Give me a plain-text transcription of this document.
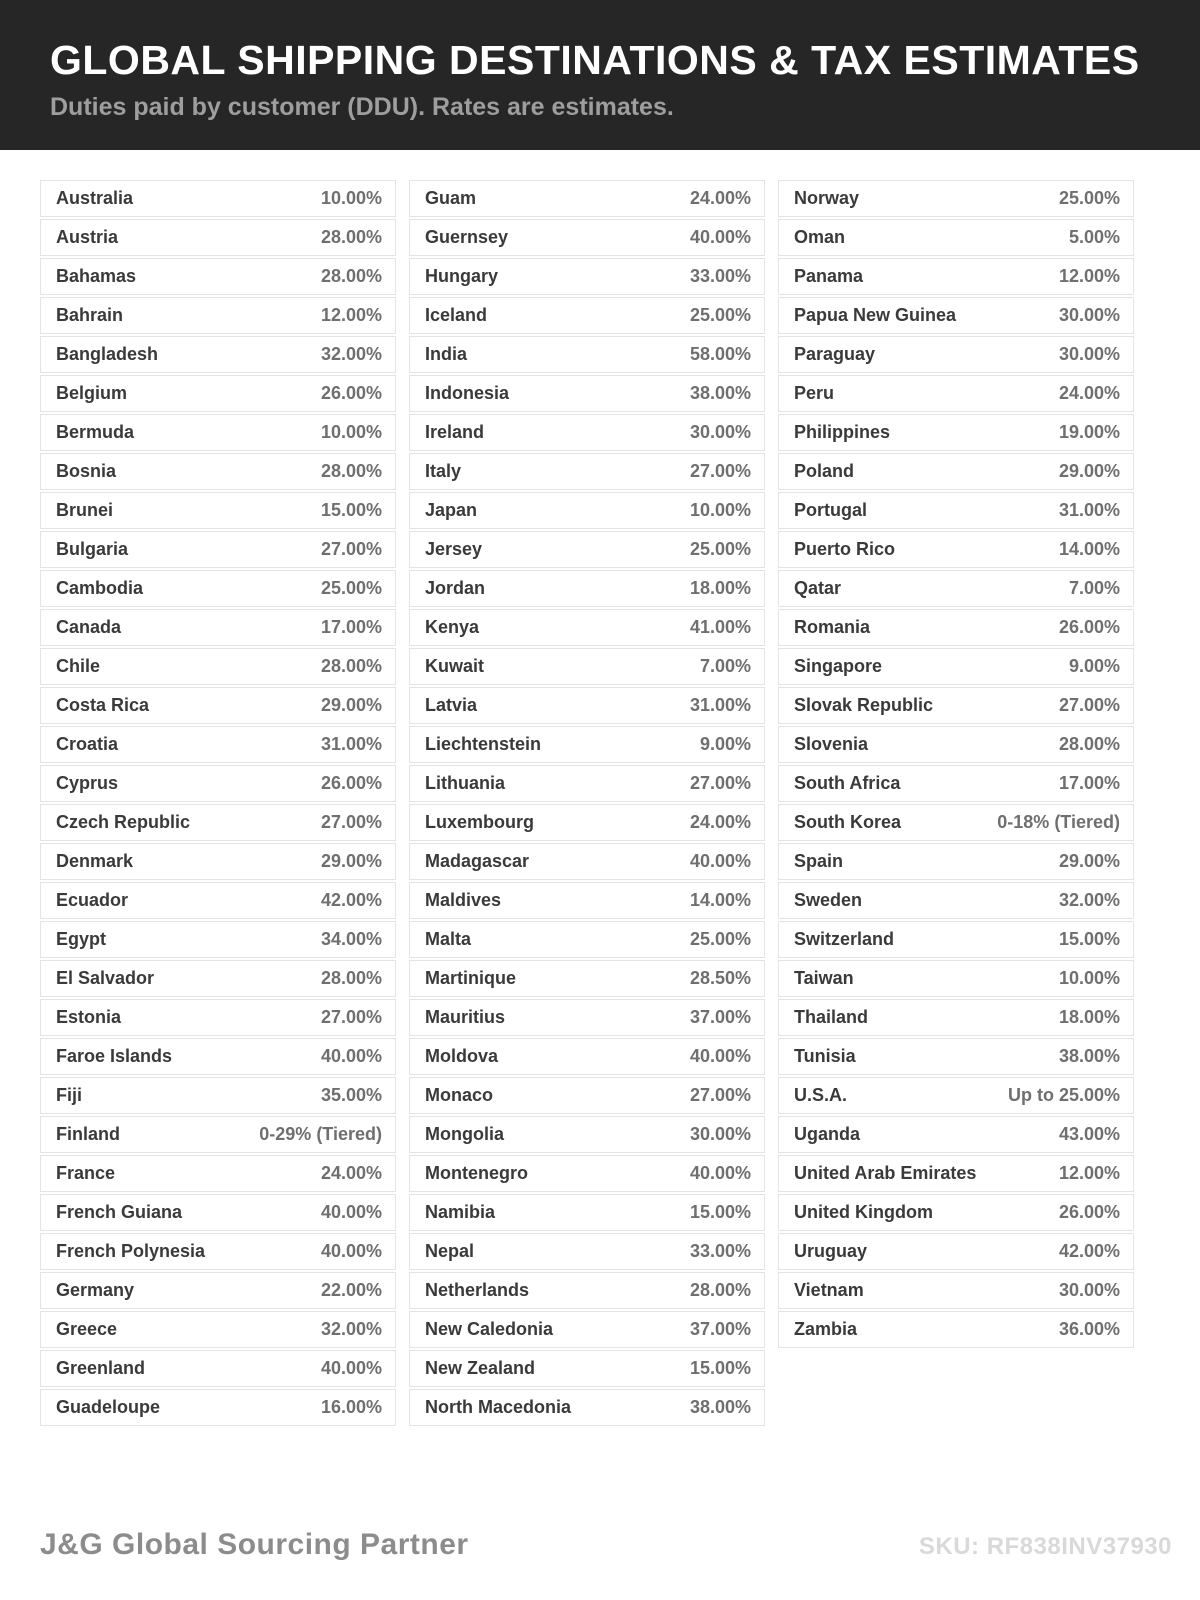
GLOBAL SHIPPING DESTINATIONS & TAX ESTIMATES
Duties paid by customer (DDU). Rates are estimates.
Australia	10.00%
Austria	28.00%
Bahamas	28.00%
Bahrain	12.00%
Bangladesh	32.00%
Belgium	26.00%
Bermuda	10.00%
Bosnia	28.00%
Brunei	15.00%
Bulgaria	27.00%
Cambodia	25.00%
Canada	17.00%
Chile	28.00%
Costa Rica	29.00%
Croatia	31.00%
Cyprus	26.00%
Czech Republic	27.00%
Denmark	29.00%
Ecuador	42.00%
Egypt	34.00%
El Salvador	28.00%
Estonia	27.00%
Faroe Islands	40.00%
Fiji	35.00%
Finland	0-29% (Tiered)
France	24.00%
French Guiana	40.00%
French Polynesia	40.00%
Germany	22.00%
Greece	32.00%
Greenland	40.00%
Guadeloupe	16.00%
Guam	24.00%
Guernsey	40.00%
Hungary	33.00%
Iceland	25.00%
India	58.00%
Indonesia	38.00%
Ireland	30.00%
Italy	27.00%
Japan	10.00%
Jersey	25.00%
Jordan	18.00%
Kenya	41.00%
Kuwait	7.00%
Latvia	31.00%
Liechtenstein	9.00%
Lithuania	27.00%
Luxembourg	24.00%
Madagascar	40.00%
Maldives	14.00%
Malta	25.00%
Martinique	28.50%
Mauritius	37.00%
Moldova	40.00%
Monaco	27.00%
Mongolia	30.00%
Montenegro	40.00%
Namibia	15.00%
Nepal	33.00%
Netherlands	28.00%
New Caledonia	37.00%
New Zealand	15.00%
North Macedonia	38.00%
Norway	25.00%
Oman	5.00%
Panama	12.00%
Papua New Guinea	30.00%
Paraguay	30.00%
Peru	24.00%
Philippines	19.00%
Poland	29.00%
Portugal	31.00%
Puerto Rico	14.00%
Qatar	7.00%
Romania	26.00%
Singapore	9.00%
Slovak Republic	27.00%
Slovenia	28.00%
South Africa	17.00%
South Korea	0-18% (Tiered)
Spain	29.00%
Sweden	32.00%
Switzerland	15.00%
Taiwan	10.00%
Thailand	18.00%
Tunisia	38.00%
U.S.A.	Up to 25.00%
Uganda	43.00%
United Arab Emirates	12.00%
United Kingdom	26.00%
Uruguay	42.00%
Vietnam	30.00%
Zambia	36.00%
J&G Global Sourcing Partner	SKU: RF838INV37930
